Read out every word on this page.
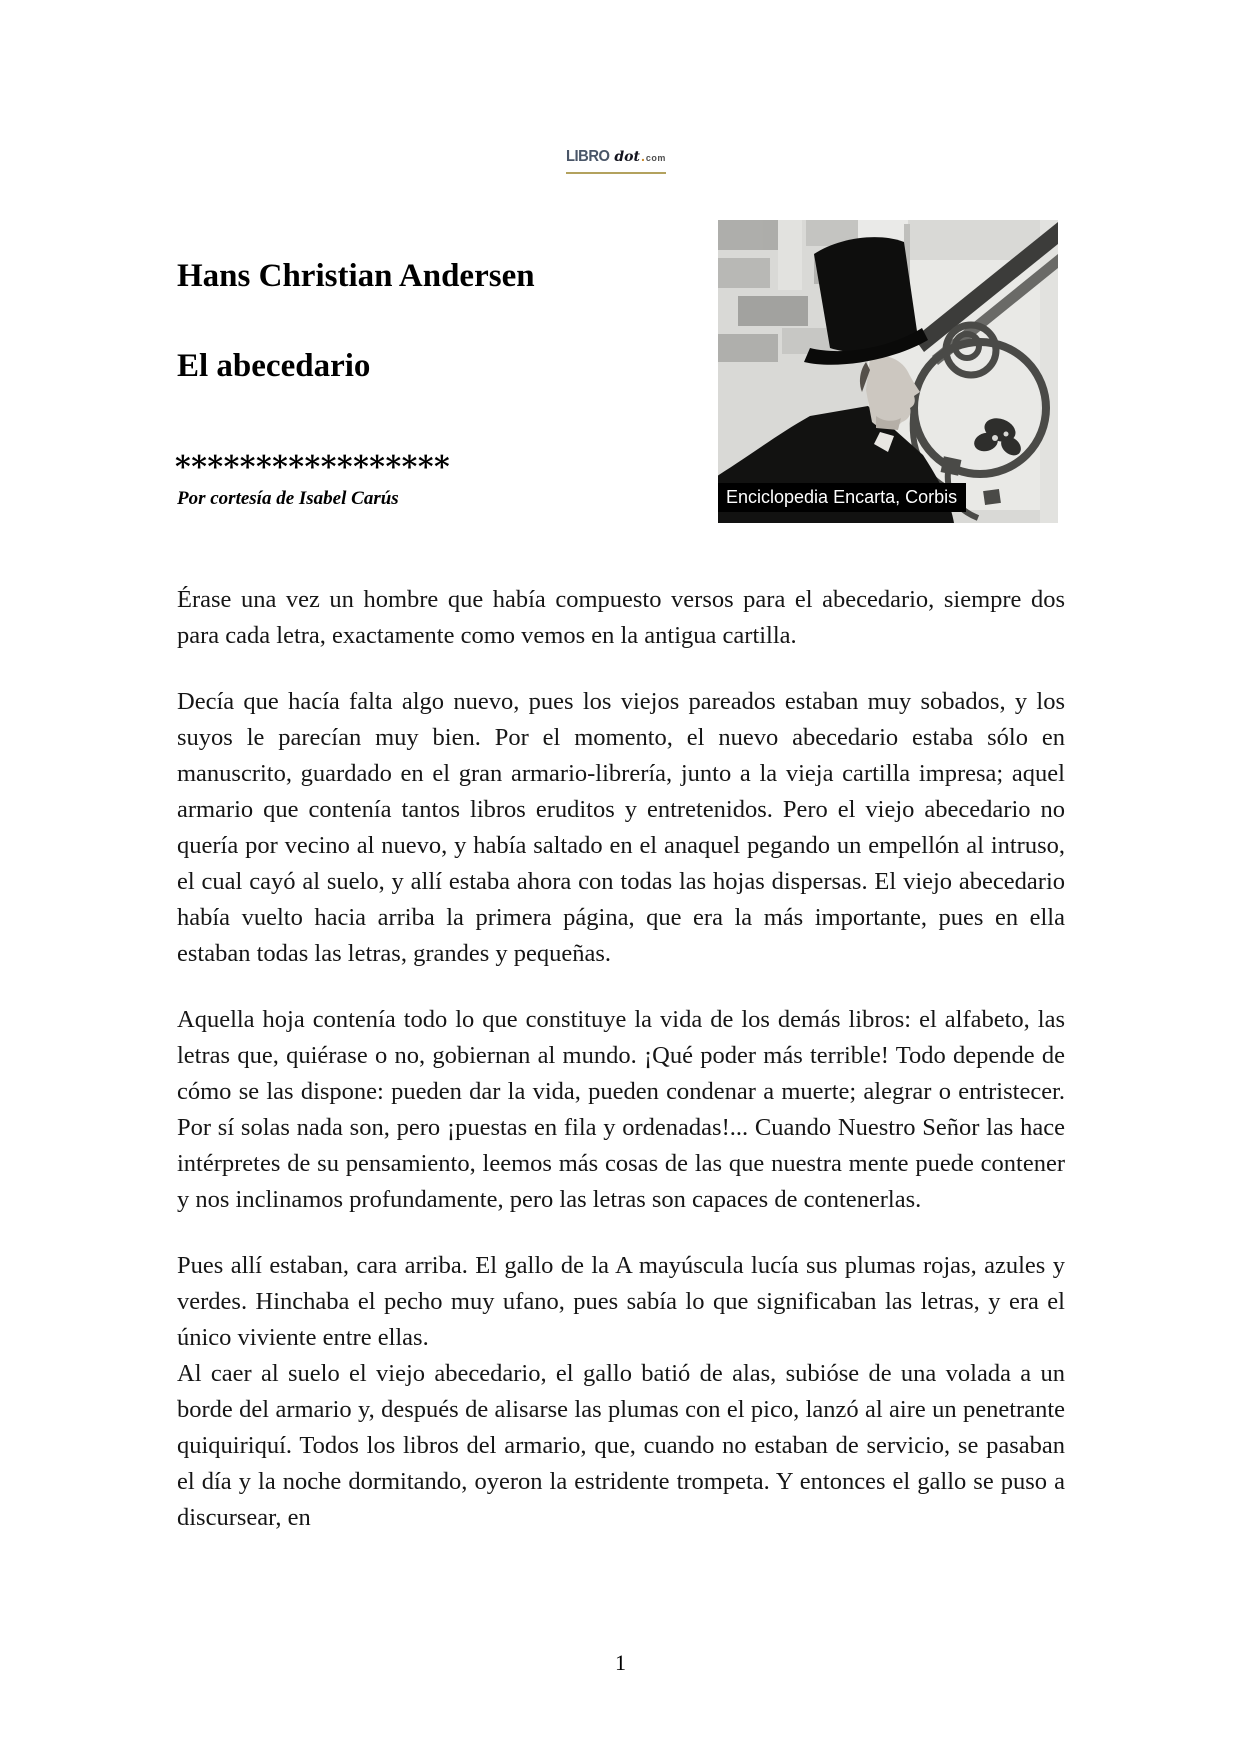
LIBRO dot . com
Hans Christian Andersen
El abecedario
*****************
Por cortesía de Isabel Carús	Enciclopedia Encarta, Corbis

Érase una vez un hombre que había compuesto versos para el abecedario, siempre dos para cada letra, exactamente como vemos en la antigua cartilla.

Decía que hacía falta algo nuevo, pues los viejos pareados estaban muy sobados, y los suyos le parecían muy bien. Por el momento, el nuevo abecedario estaba sólo en manuscrito, guardado en el gran armario-librería, junto a la vieja cartilla impresa; aquel armario que contenía tantos libros eruditos y entretenidos. Pero el viejo abecedario no quería por vecino al nuevo, y había saltado en el anaquel pegando un empellón al intruso, el cual cayó al suelo, y allí estaba ahora con todas las hojas dispersas. El viejo abecedario había vuelto hacia arriba la primera página, que era la más importante, pues en ella estaban todas las letras, grandes y pequeñas.

Aquella hoja contenía todo lo que constituye la vida de los demás libros: el alfabeto, las letras que, quiérase o no, gobiernan al mundo. ¡Qué poder más terrible! Todo depende de cómo se las dispone: pueden dar la vida, pueden condenar a muerte; alegrar o entristecer. Por sí solas nada son, pero ¡puestas en fila y ordenadas!... Cuando Nuestro Señor las hace intérpretes de su pensamiento, leemos más cosas de las que nuestra mente puede contener y nos inclinamos profundamente, pero las letras son capaces de contenerlas.

Pues allí estaban, cara arriba. El gallo de la A mayúscula lucía sus plumas rojas, azules y verdes. Hinchaba el pecho muy ufano, pues sabía lo que significaban las letras, y era el único viviente entre ellas.

Al caer al suelo el viejo abecedario, el gallo batió de alas, subióse de una volada a un borde del armario y, después de alisarse las plumas con el pico, lanzó al aire un penetrante quiquiriquí. Todos los libros del armario, que, cuando no estaban de servicio, se pasaban el día y la noche dormitando, oyeron la estridente trompeta. Y entonces el gallo se puso a discursear, en

1
